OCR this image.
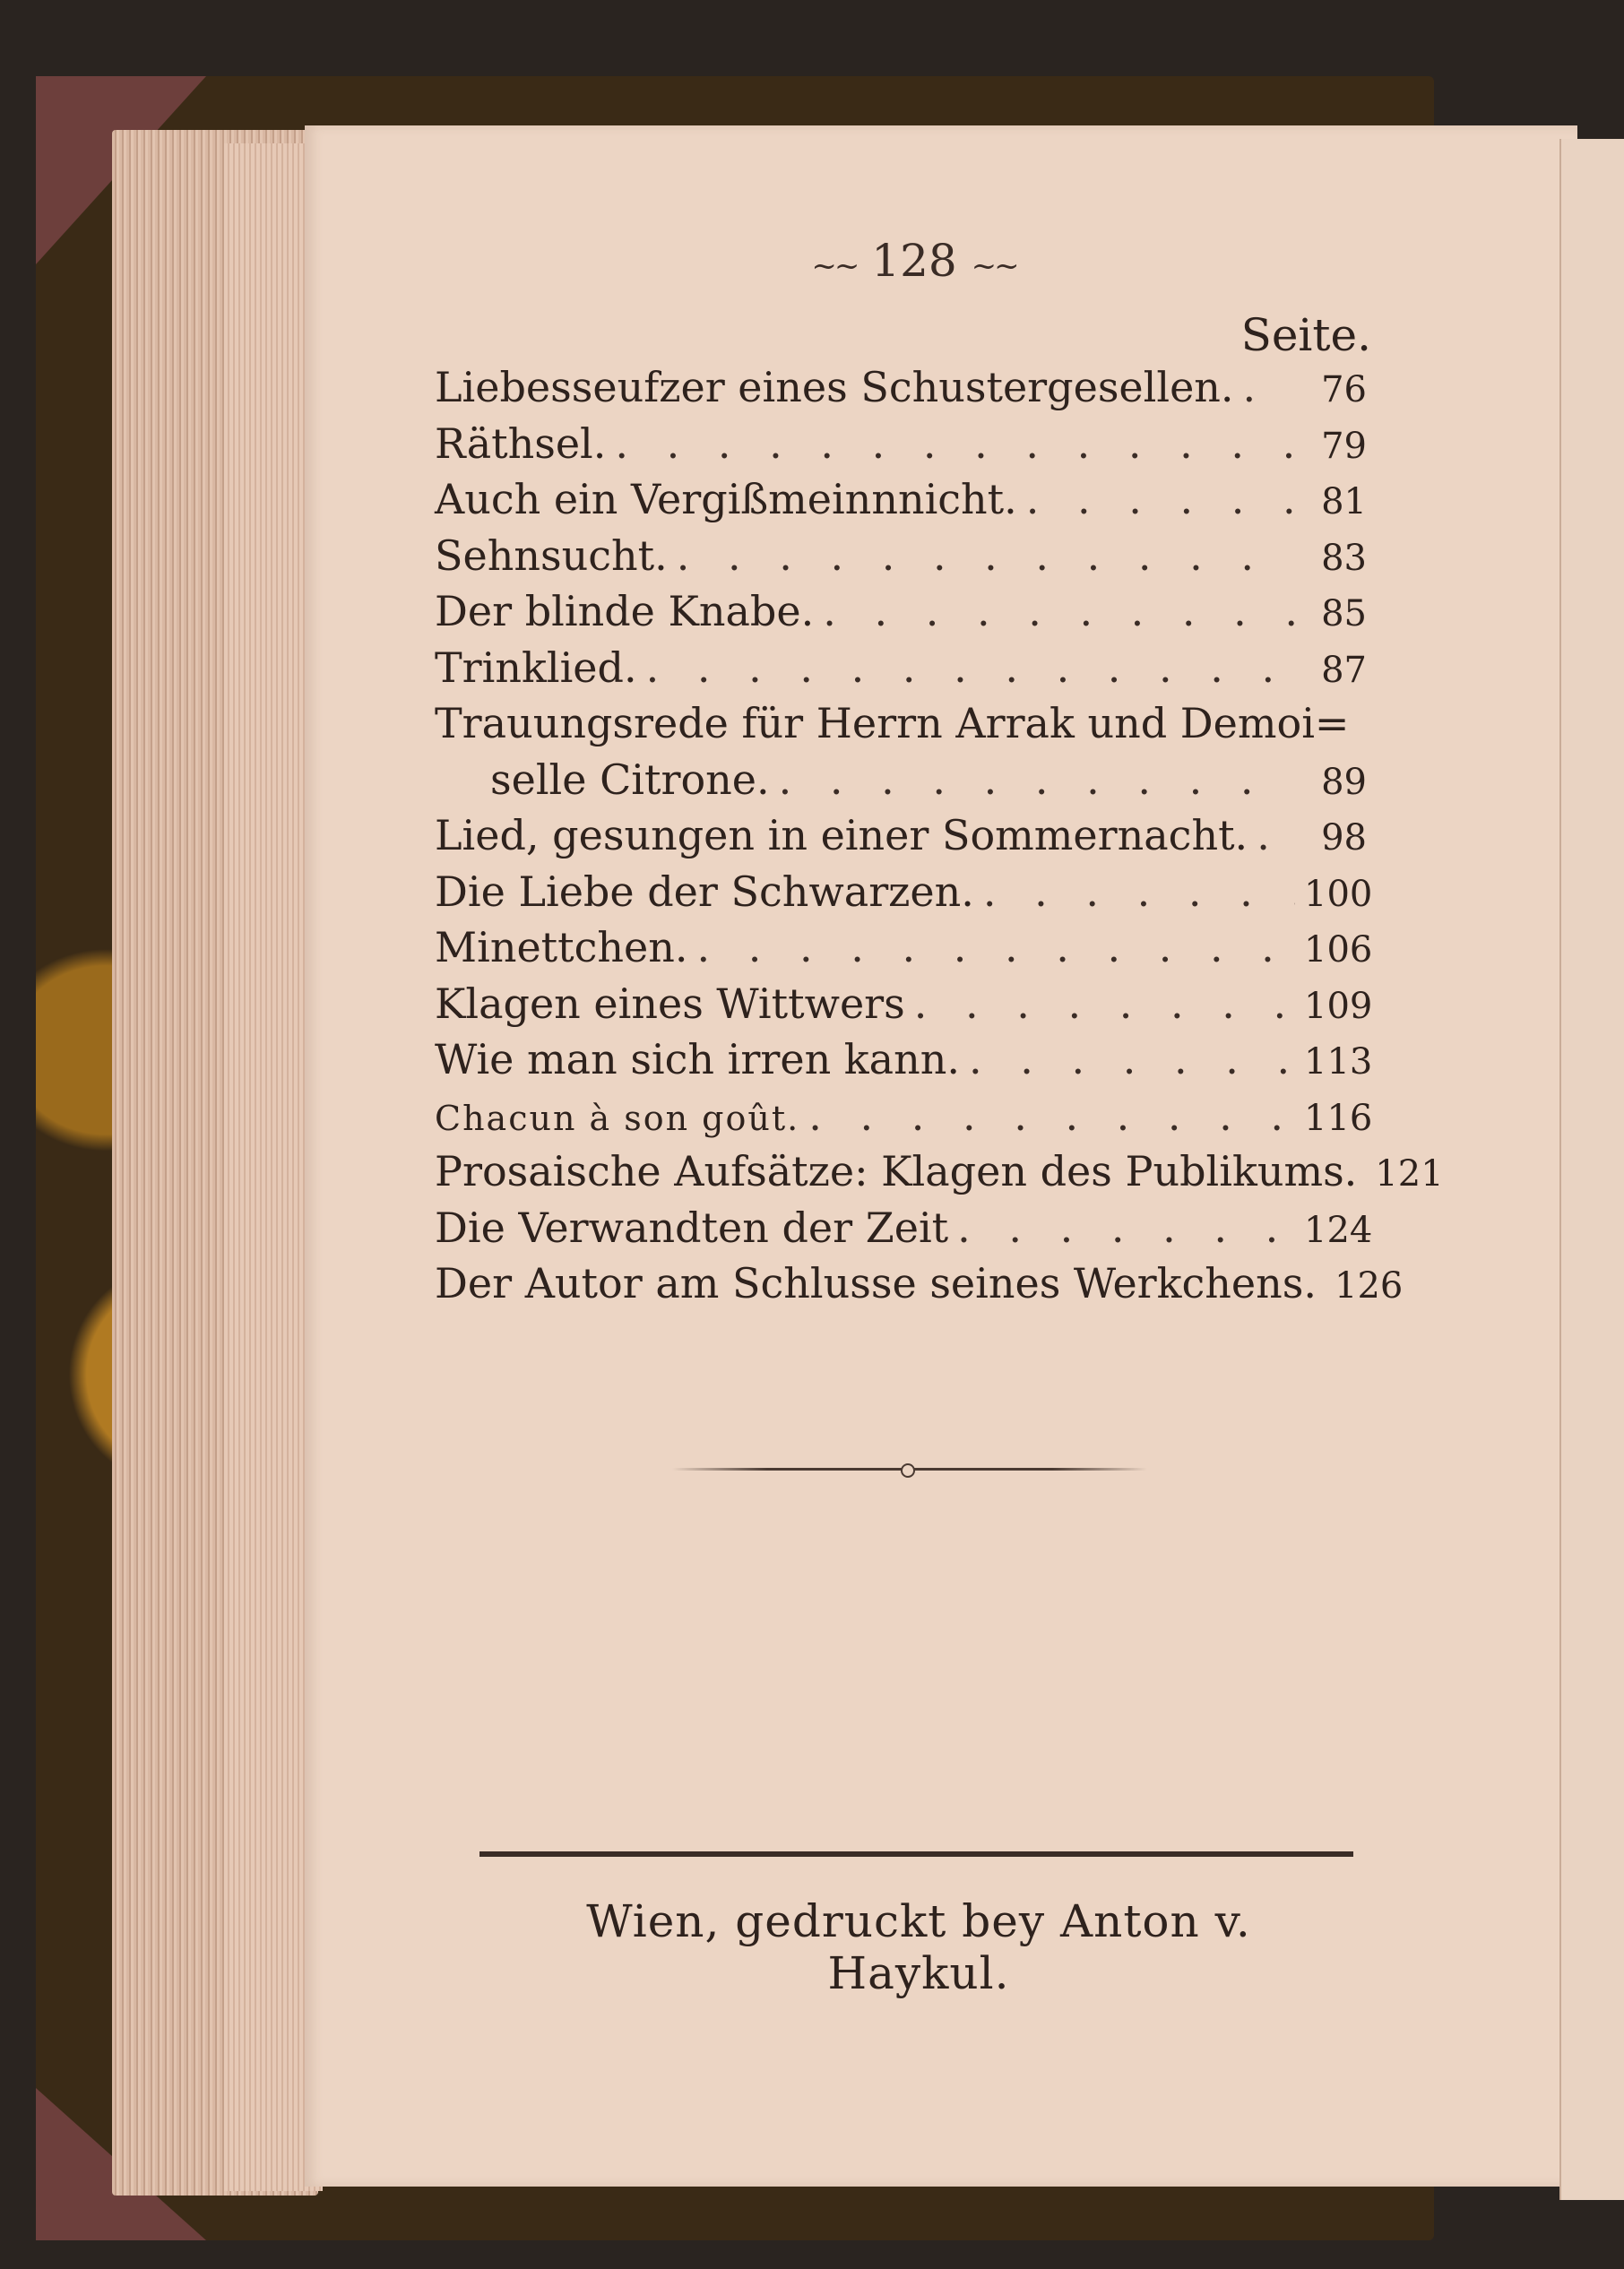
~~ 128 ~~
Seite.
Liebesseufzer eines Schustergesellen. . . .	76
Räthsel. . . .	79
Auch ein Vergißmeinnnicht. . . .	81
Sehnsucht. . . .	83
Der blinde Knabe. . . .	85
Trinklied. . . .	87
Trauungsrede für Herrn Arrak und Demoi=
selle Citrone. . . .	89
Lied, gesungen in einer Sommernacht. . . .	98
Die Liebe der Schwarzen. . . .	100
Minettchen. . . .	106
Klagen eines Wittwers . . .	109
Wie man sich irren kann. . . .	113
Chacun à son goût. . . .	116
Prosaische Aufsätze: Klagen des Publikums. 121
Die Verwandten der Zeit . . .	124
Der Autor am Schlusse seines Werkchens. 126
Wien, gedruckt bey Anton v. Haykul.
